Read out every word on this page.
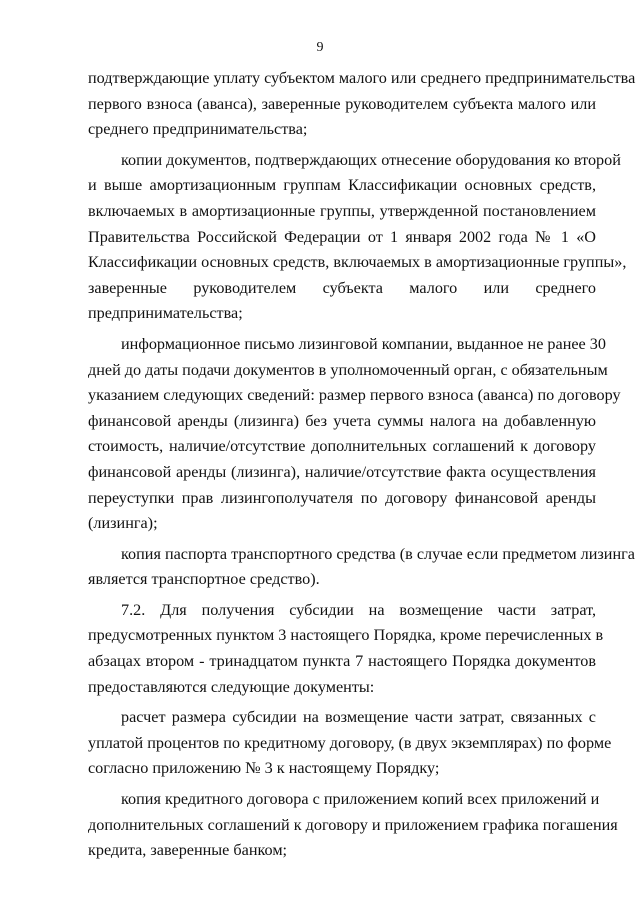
9
подтверждающие уплату субъектом малого или среднего предпринимательства
первого взноса (аванса), заверенные руководителем субъекта малого или
среднего предпринимательства;
копии документов, подтверждающих отнесение оборудования ко второй
и выше амортизационным группам Классификации основных средств,
включаемых в амортизационные группы, утвержденной постановлением
Правительства Российской Федерации от 1 января 2002 года № 1 «О
Классификации основных средств, включаемых в амортизационные группы»,
заверенные руководителем субъекта малого или среднего
предпринимательства;
информационное письмо лизинговой компании, выданное не ранее 30
дней до даты подачи документов в уполномоченный орган, с обязательным
указанием следующих сведений: размер первого взноса (аванса) по договору
финансовой аренды (лизинга) без учета суммы налога на добавленную
стоимость, наличие/отсутствие дополнительных соглашений к договору
финансовой аренды (лизинга), наличие/отсутствие факта осуществления
переуступки прав лизингополучателя по договору финансовой аренды
(лизинга);
копия паспорта транспортного средства (в случае если предметом лизинга
является транспортное средство).
7.2. Для получения субсидии на возмещение части затрат,
предусмотренных пунктом 3 настоящего Порядка, кроме перечисленных в
абзацах втором - тринадцатом пункта 7 настоящего Порядка документов
предоставляются следующие документы:
расчет размера субсидии на возмещение части затрат, связанных с
уплатой процентов по кредитному договору, (в двух экземплярах) по форме
согласно приложению № 3 к настоящему Порядку;
копия кредитного договора с приложением копий всех приложений и
дополнительных соглашений к договору и приложением графика погашения
кредита, заверенные банком;
